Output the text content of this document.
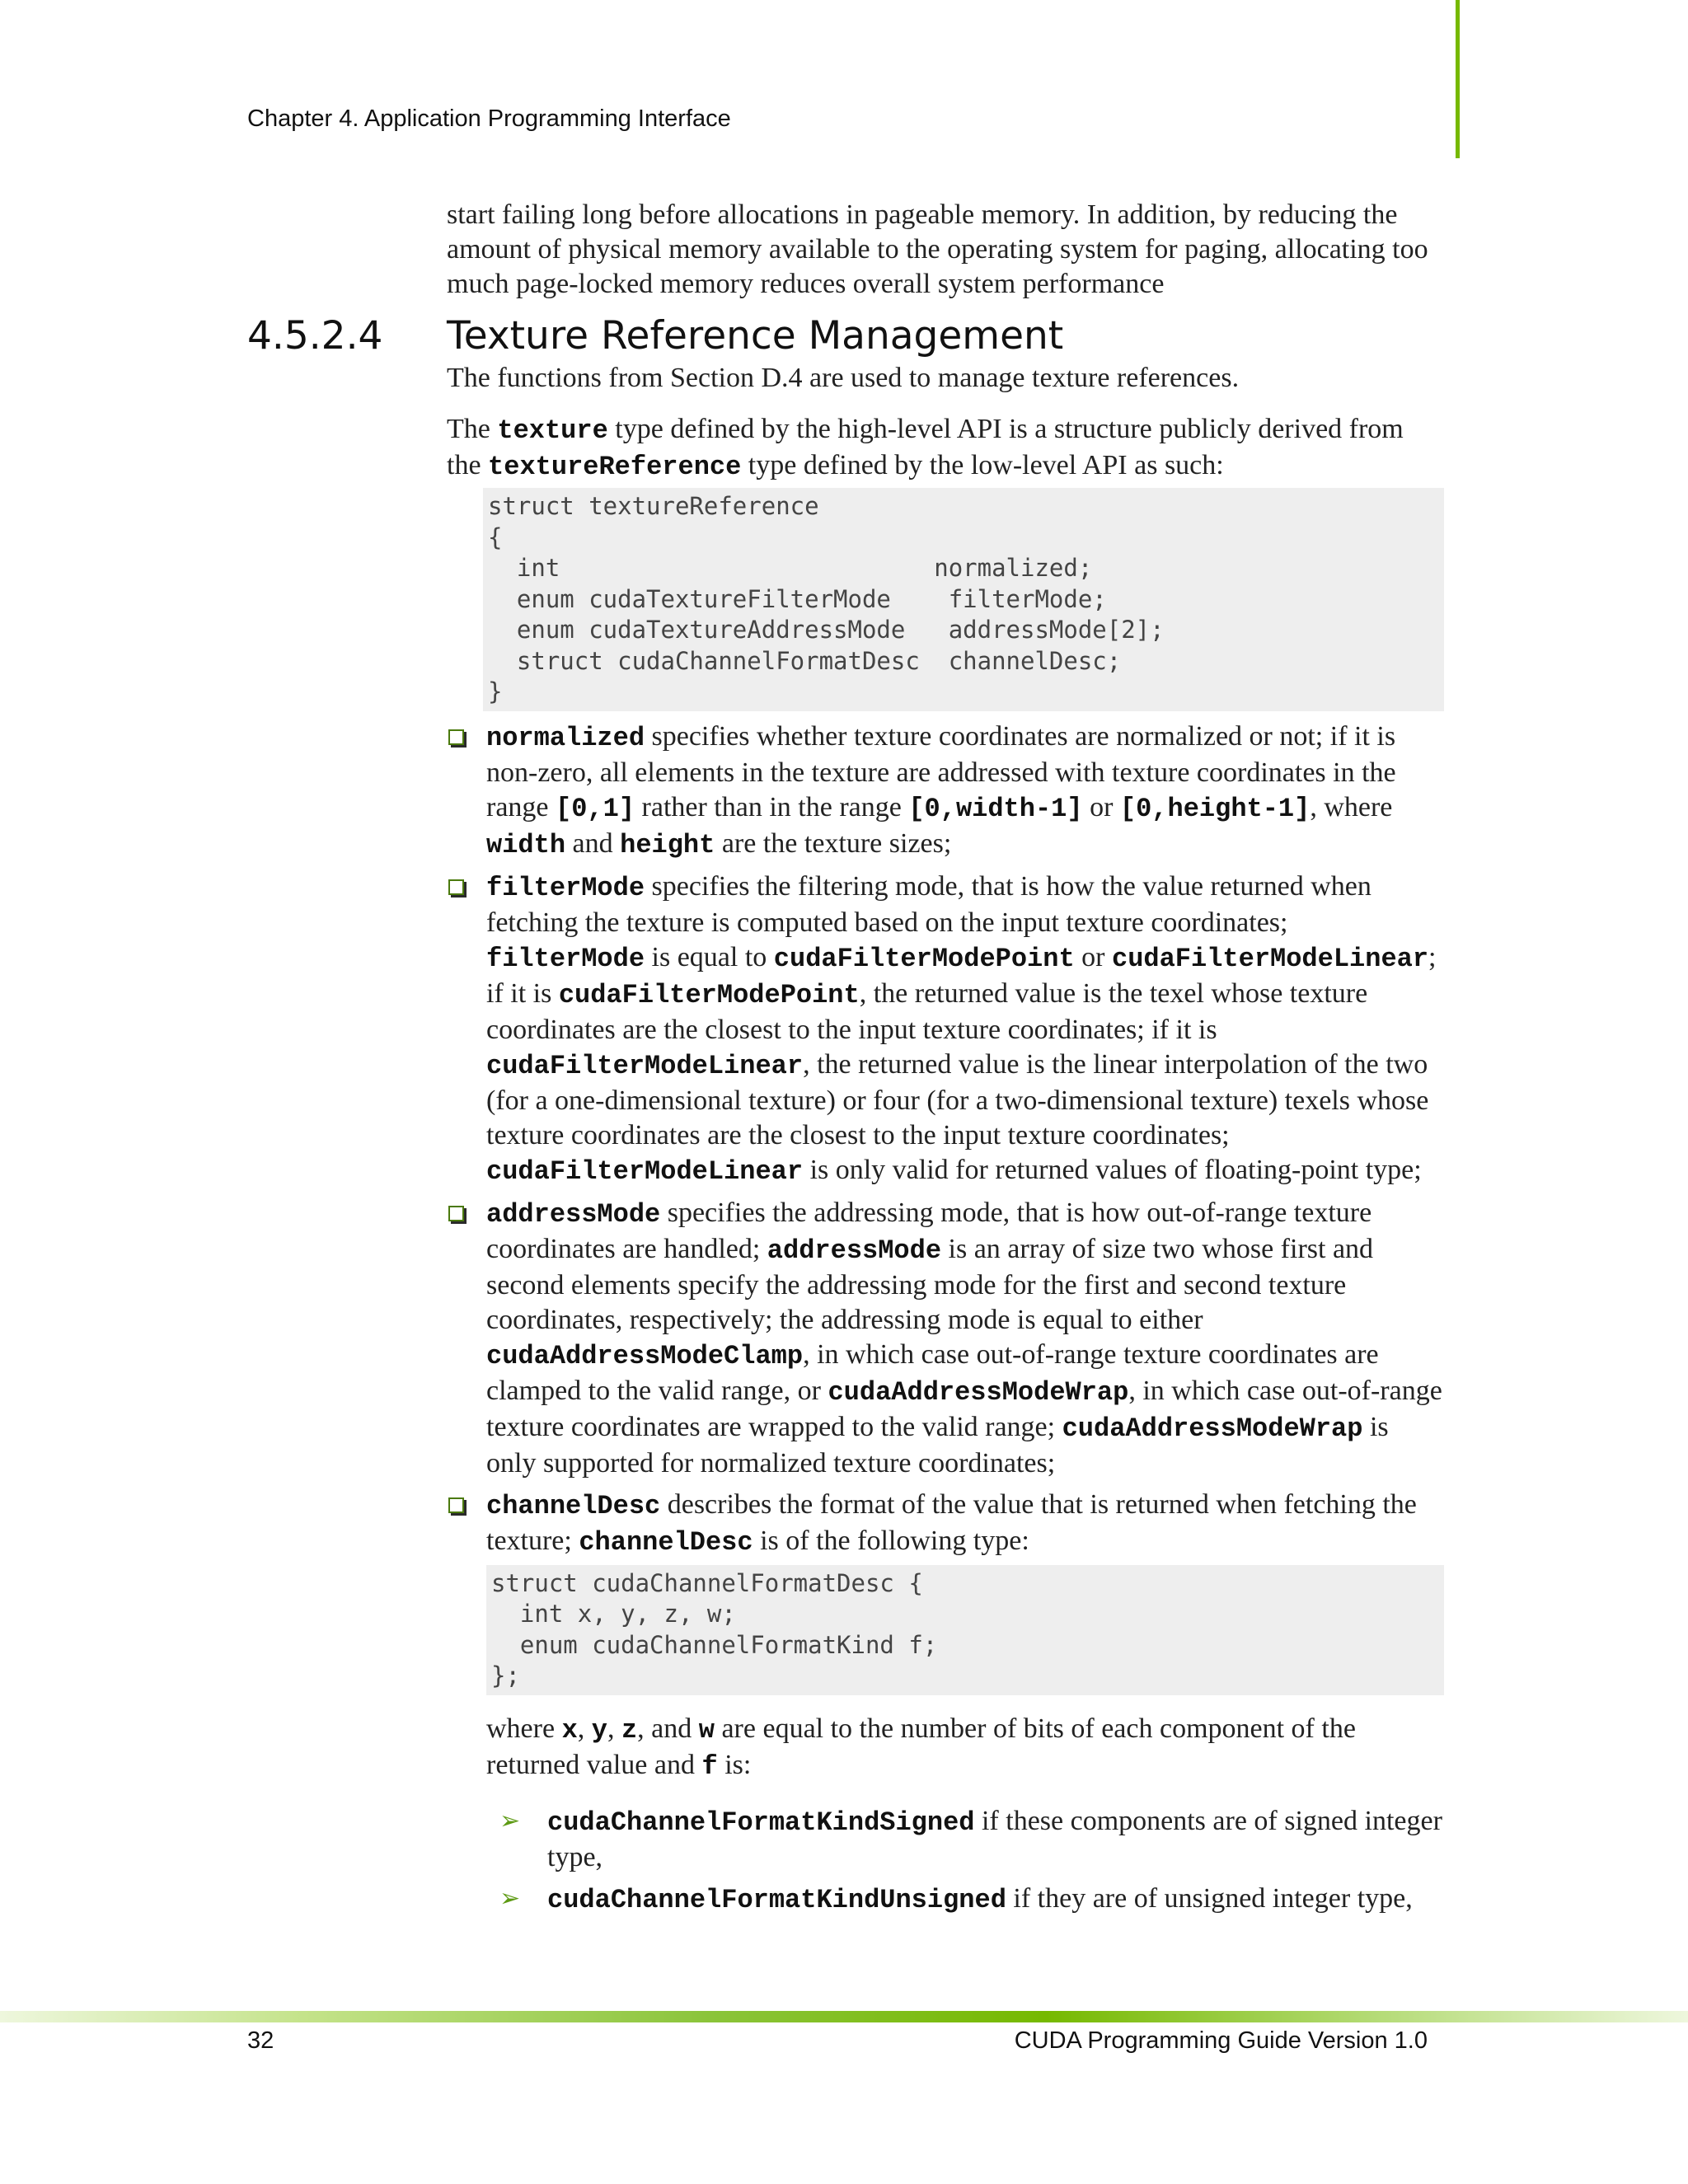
Chapter 4. Application Programming Interface

start failing long before allocations in pageable memory. In addition, by reducing the amount of physical memory available to the operating system for paging, allocating too much page-locked memory reduces overall system performance

4.5.2.4 Texture Reference Management

The functions from Section D.4 are used to manage texture references.

The texture type defined by the high-level API is a structure publicly derived from the textureReference type defined by the low-level API as such:

struct textureReference
{
int                          normalized;
enum cudaTextureFilterMode    filterMode;
enum cudaTextureAddressMode   addressMode[2];
struct cudaChannelFormatDesc  channelDesc;
}
normalized specifies whether texture coordinates are normalized or not; if it is non-zero, all elements in the texture are addressed with texture coordinates in the range [0,1] rather than in the range [0,width-1] or [0,height-1], where width and height are the texture sizes;
filterMode specifies the filtering mode, that is how the value returned when fetching the texture is computed based on the input texture coordinates; filterMode is equal to cudaFilterModePoint or cudaFilterModeLinear; if it is cudaFilterModePoint, the returned value is the texel whose texture coordinates are the closest to the input texture coordinates; if it is cudaFilterModeLinear, the returned value is the linear interpolation of the two (for a one-dimensional texture) or four (for a two-dimensional texture) texels whose texture coordinates are the closest to the input texture coordinates; cudaFilterModeLinear is only valid for returned values of floating-point type;
addressMode specifies the addressing mode, that is how out-of-range texture coordinates are handled; addressMode is an array of size two whose first and second elements specify the addressing mode for the first and second texture coordinates, respectively; the addressing mode is equal to either cudaAddressModeClamp, in which case out-of-range texture coordinates are clamped to the valid range, or cudaAddressModeWrap, in which case out-of-range texture coordinates are wrapped to the valid range; cudaAddressModeWrap is only supported for normalized texture coordinates;
channelDesc describes the format of the value that is returned when fetching the texture; channelDesc is of the following type:
struct cudaChannelFormatDesc {
int x, y, z, w;
enum cudaChannelFormatKind f;
};

where x, y, z, and w are equal to the number of bits of each component of the returned value and f is:

➢ cudaChannelFormatKindSigned if these components are of signed integer type,
➢ cudaChannelFormatKindUnsigned if they are of unsigned integer type,
32	CUDA Programming Guide Version 1.0
